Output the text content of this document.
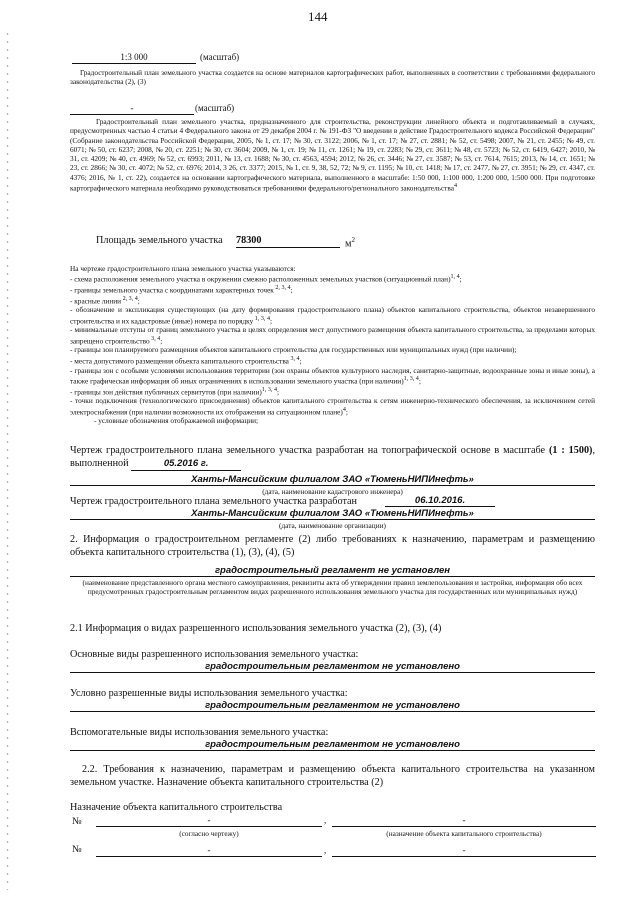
144
1:3 000	(масштаб)

Градостроительный план земельного участка создается на основе материалов картографических работ, выполненных в соответствии с требованиями федерального законодательства (2), (3)

-	(масштаб)

Градостроительный план земельного участка, предназначенного для строительства, реконструкции линейного объекта и подготавливаемый в случаях, предусмотренных частью 4 статьи 4 Федерального закона от 29 декабря 2004 г. № 191-ФЗ "О введении в действие Градостроительного кодекса Российской Федерации" (Собрание законодательства Российской Федерации, 2005, № 1, ст. 17; № 30, ст. 3122; 2006, № 1, ст. 17; № 27, ст. 2881; № 52, ст. 5498; 2007, № 21, ст. 2455; № 49, ст. 6071; № 50, ст. 6237; 2008, № 20, ст. 2251; № 30, ст. 3604; 2009, № 1, ст. 19; № 11, ст. 1261; № 19, ст. 2283; № 29, ст. 3611; № 48, ст. 5723; № 52, ст. 6419, 6427; 2010, № 31, ст. 4209; № 40, ст. 4969; № 52, ст. 6993; 2011, № 13, ст. 1688; № 30, ст. 4563, 4594; 2012, № 26, ст. 3446; № 27, ст. 3587; № 53, ст. 7614, 7615; 2013, № 14, ст. 1651; № 23, ст. 2866; № 30, ст. 4072; № 52, ст. 6976; 2014, 3 26, ст. 3377; 2015, № 1, ст. 9, 38, 52, 72; № 9, ст. 1195; № 10, ст. 1418; № 17, ст. 2477, № 27, ст. 3951; № 29, ст. 4347, ст. 4376; 2016, № 1, ст. 22), создается на основании картографического материала, выполненного в масштабе: 1:50 000, 1:100 000, 1:200 000, 1:500 000. При подготовке картографического материала необходимо руководствоваться требованиями федерального/регионального законодательства$^4$

Площадь земельного участка 78300	$м^2$

На чертеже градостроительного плана земельного участка указываются:

- схема расположения земельного участка в окружении смежно расположенных земельных участков (ситуационный план)$^{1, 4}$;

- границы земельного участка с координатами характерных точек $^{2, 3, 4}$;

- красные линии $^{2, 3, 4}$;

- обозначение и экспликация существующих (на дату формирования градостроительного плана) объектов капитального строительства, объектов незавершенного строительства и их кадастровые (иные) номера по порядку $^{1, 3, 4}$;

- минимальные отступы от границ земельного участка в целях определения мест допустимого размещения объекта капитального строительства, за пределами которых запрещено строительство $^{3, 4}$;

- границы зон планируемого размещения объектов капитального строительства для государственных или муниципальных нужд (при наличии);

- места допустимого размещения объекта капитального строительства $^{3, 4}$;

- границы зон с особыми условиями использования территории (зон охраны объектов культурного наследия, санитарно-защитные, водоохранные зоны и иные зоны), а также графическая информация об иных ограничениях в использовании земельного участка (при наличии)$^{1, 3, 4}$;

- границы зон действия публичных сервитутов (при наличии)$^{1, 3, 4}$;

- точки подключения (технологического присоединения) объектов капитального строительства к сетям инженерно-технического обеспечения, за исключением сетей электроснабжения (при наличии возможности их отображения на ситуационном плане)$^4$;

- условные обозначения отображаемой информации;

Чертеж градостроительного плана земельного участка разработан на топографической основе в масштабе (1 : 1500), выполненной	05.2016 г.

Ханты-Мансийским филиалом ЗАО «ТюменьНИПИнефть»
(дата, наименование кадастрового инженера)
Чертеж градостроительного плана земельного участка разработан	06.10.2016.
Ханты-Мансийским филиалом ЗАО «ТюменьНИПИнефть»
(дата, наименование организации)

2. Информация о градостроительном регламенте (2) либо требованиях к назначению, параметрам и размещению объекта капитального строительства (1), (3), (4), (5)

градостроительный регламент не установлен

(наименование представленного органа местного самоуправления, реквизиты акта об утверждении правил землепользования и застройки, информация обо всех предусмотренных градостроительным регламентом видах разрешенного использования земельного участка для государственных или муниципальных нужд)

2.1 Информация о видах разрешенного использования земельного участка (2), (3), (4)
Основные виды разрешенного использования земельного участка:
градостроительным регламентом не установлено
Условно разрешенные виды использования земельного участка:
градостроительным регламентом не установлено
Вспомогательные виды использования земельного участка:
градостроительным регламентом не установлено

2.2. Требования к назначению, параметрам и размещению объекта капитального строительства на указанном земельном участке. Назначение объекта капитального строительства (2)

Назначение объекта капитального строительства
№	-	,	-
(согласно чертежу)	(назначение объекта капитального строительства)
№	-	,	-
